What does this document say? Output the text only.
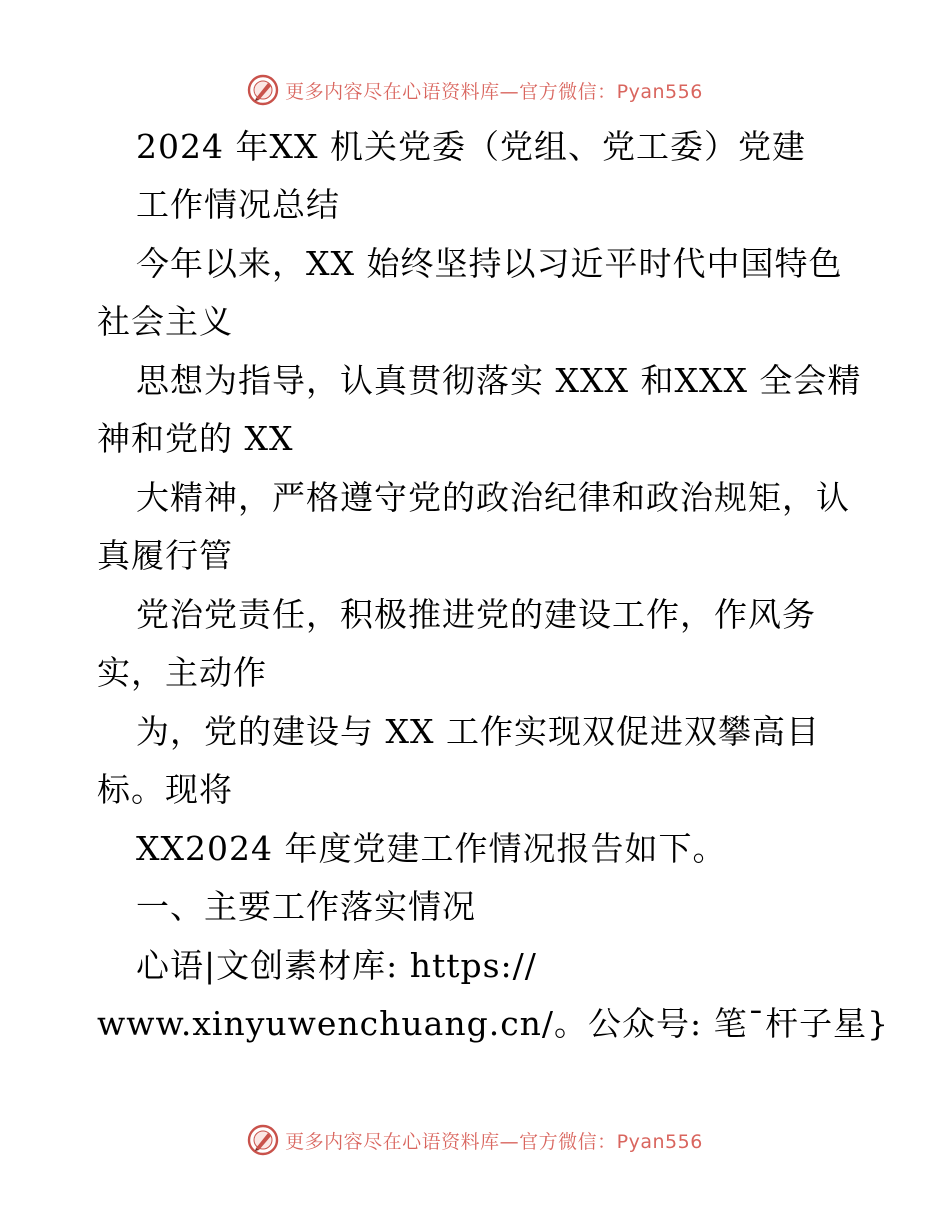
更多内容尽在心语资料库—官方微信：Pyan556
2024 年XX 机关党委（党组、党工委）党建
工作情况总结
今年以来，XX 始终坚持以习近平时代中国特色
社会主义
思想为指导，认真贯彻落实 XXX 和XXX 全会精
神和党的 XX
大精神，严格遵守党的政治纪律和政治规矩，认
真履行管
党治党责任，积极推进党的建设工作，作风务
实，主动作
为，党的建设与 XX 工作实现双促进双攀高目
标。现将
XX2024 年度党建工作情况报告如下。
一、主要工作落实情况
心语|文创素材库: https://
www.xinyuwenchuang.cn/。公众号: 笔¯杆子星}
更多内容尽在心语资料库—官方微信：Pyan556
